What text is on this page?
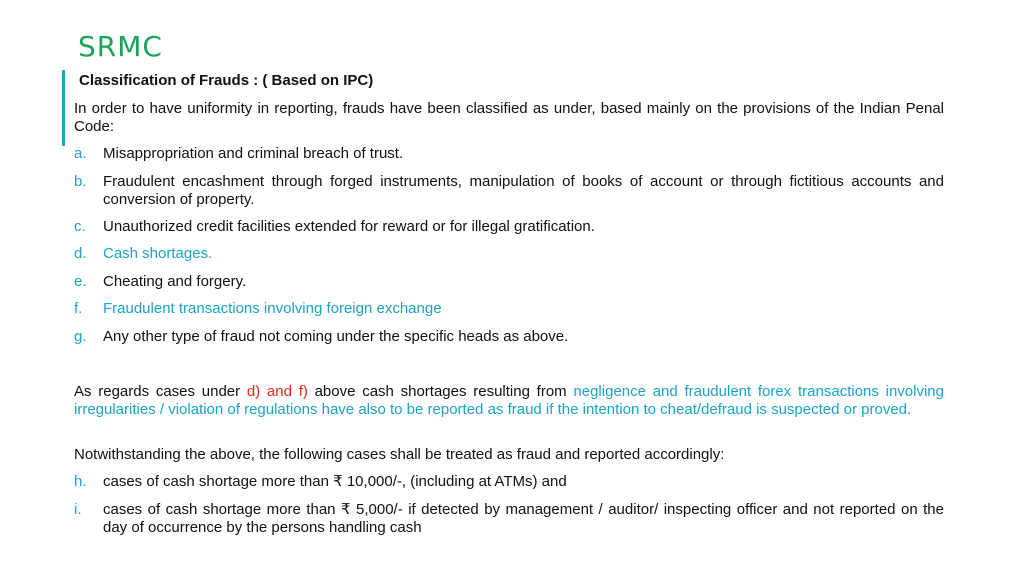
SRMC
Classification of Frauds : ( Based on IPC)
In order to have uniformity in reporting, frauds have been classified as under, based mainly on the provisions of the Indian Penal Code:
a. Misappropriation and criminal breach of trust.
b. Fraudulent encashment through forged instruments, manipulation of books of account or through fictitious accounts and conversion of property.
c. Unauthorized credit facilities extended for reward or for illegal gratification.
d. Cash shortages.
e. Cheating and forgery.
f. Fraudulent transactions involving foreign exchange
g. Any other type of fraud not coming under the specific heads as above.
As regards cases under d) and f) above cash shortages resulting from negligence and fraudulent forex transactions involving irregularities / violation of regulations have also to be reported as fraud if the intention to cheat/defraud is suspected or proved.
Notwithstanding the above, the following cases shall be treated as fraud and reported accordingly:
h. cases of cash shortage more than ₹ 10,000/-, (including at ATMs) and
i. cases of cash shortage more than ₹ 5,000/- if detected by management / auditor/ inspecting officer and not reported on the day of occurrence by the persons handling cash
